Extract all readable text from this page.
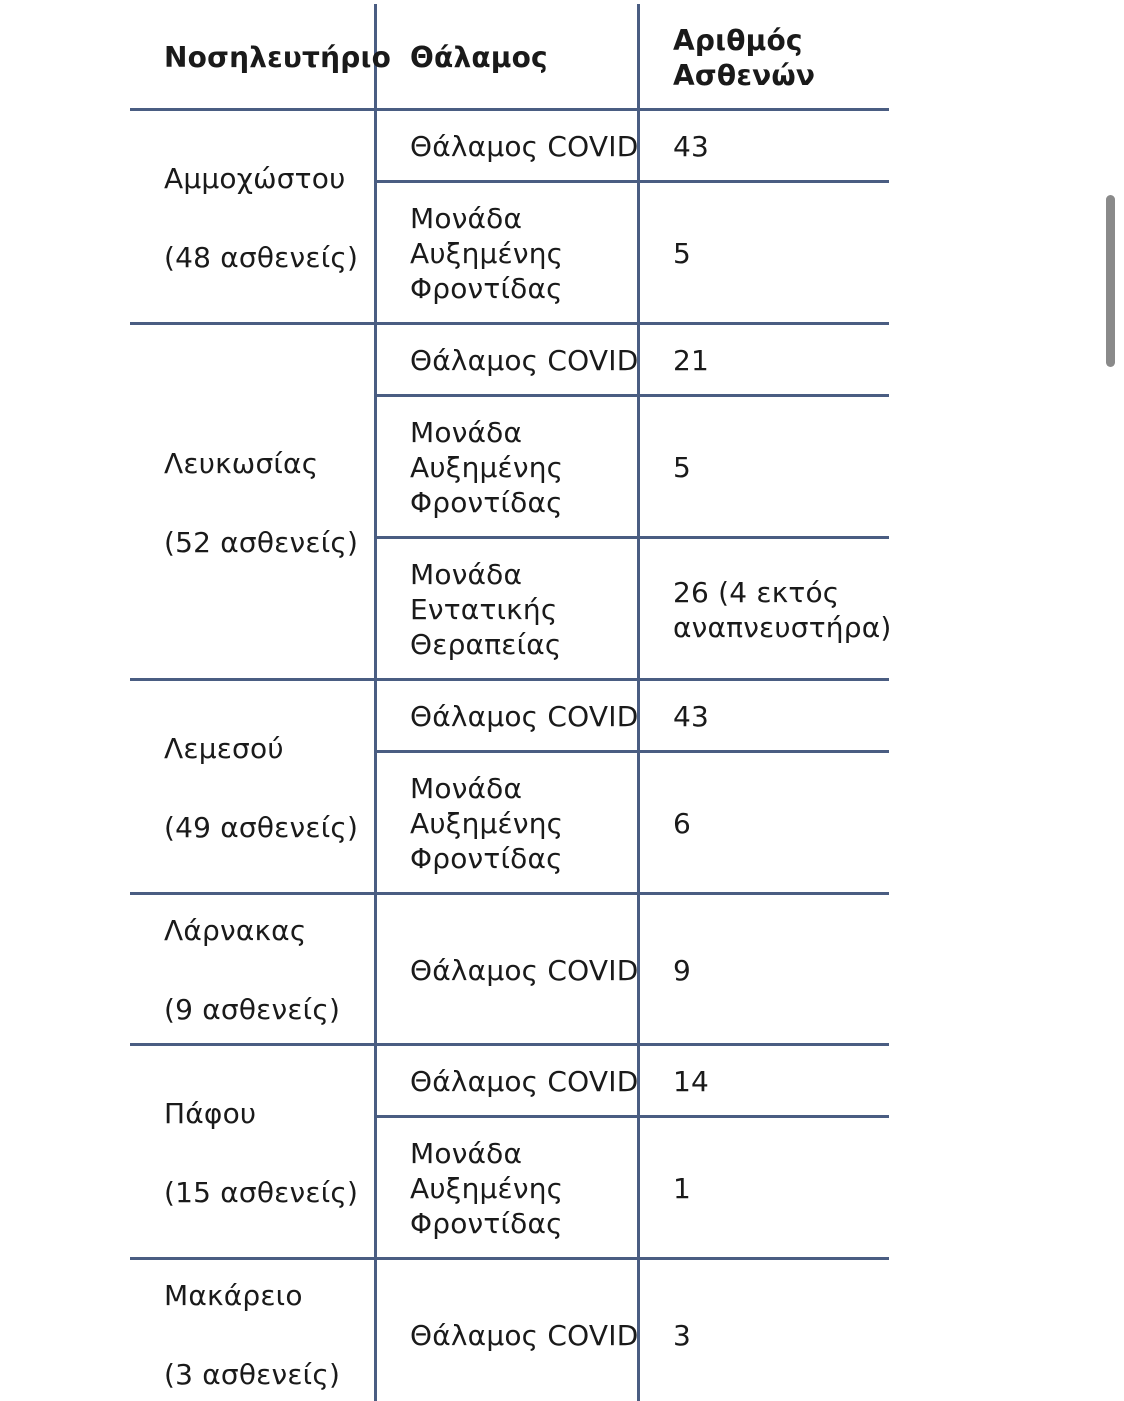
Νοσηλευτήριο Θάλαμος
Αριθμός
Ασθενών
Αμμοχώστου
(48 ασθενείς)
Θάλαμος COVID 43
Μονάδα
Αυξημένης
Φροντίδας
5
Λευκωσίας
(52 ασθενείς)
Θάλαμος COVID 21
Μονάδα
Αυξημένης
Φροντίδας
5
Μονάδα
Εντατικής
Θεραπείας
26 (4 εκτός
αναπνευστήρα)
Λεμεσού
(49 ασθενείς)
Θάλαμος COVID 43
Μονάδα
Αυξημένης
Φροντίδας
6
Λάρνακας
(9 ασθενείς)
Θάλαμος COVID 9
Πάφου
(15 ασθενείς)
Θάλαμος COVID 14
Μονάδα
Αυξημένης
Φροντίδας
1
Μακάρειο
(3 ασθενείς)
Θάλαμος COVID 3
